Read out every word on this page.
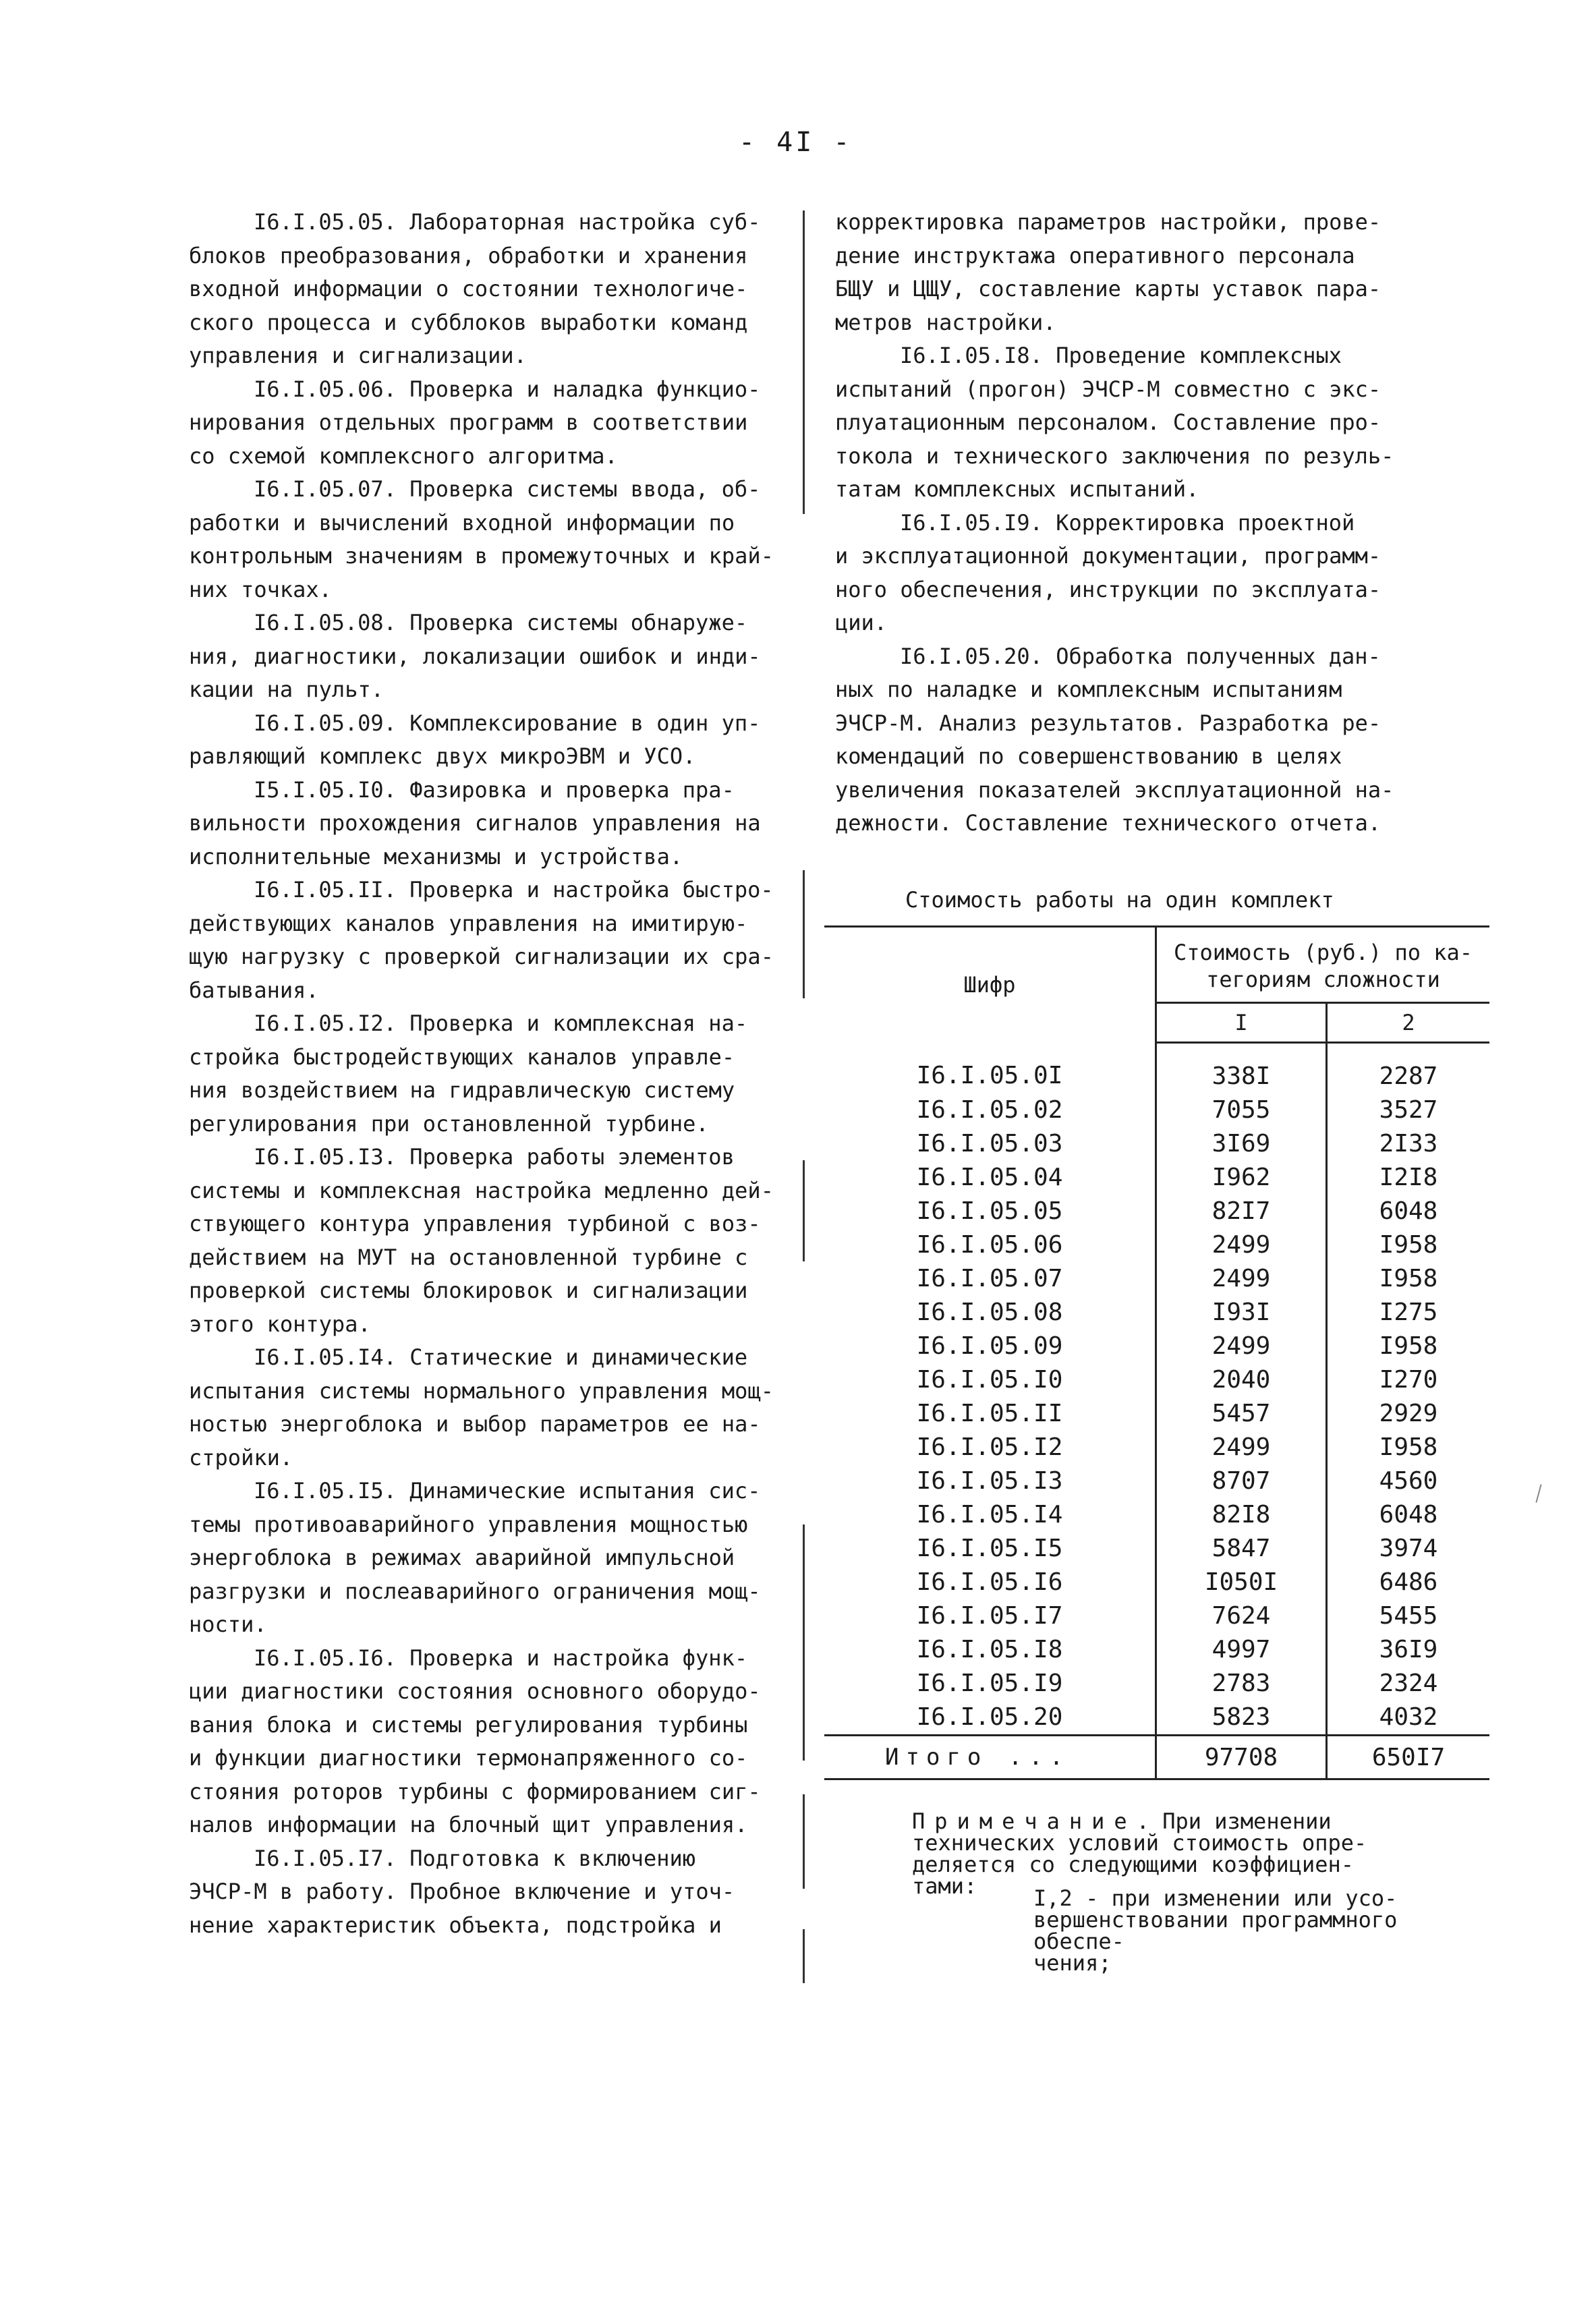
- 4I -

I6.I.05.05. Лабораторная настройка суб-
блоков преобразования, обработки и хранения
входной информации о состоянии технологиче-
ского процесса и субблоков выработки команд
управления и сигнализации.

I6.I.05.06. Проверка и наладка функцио-
нирования отдельных программ в соответствии
со схемой комплексного алгоритма.

I6.I.05.07. Проверка системы ввода, об-
работки и вычислений входной информации по
контрольным значениям в промежуточных и край-
них точках.

I6.I.05.08. Проверка системы обнаруже-
ния, диагностики, локализации ошибок и инди-
кации на пульт.

I6.I.05.09. Комплексирование в один уп-
равляющий комплекс двух микроЭВМ и УСО.

I5.I.05.I0. Фазировка и проверка пра-
вильности прохождения сигналов управления на
исполнительные механизмы и устройства.

I6.I.05.II. Проверка и настройка быстро-
действующих каналов управления на имитирую-
щую нагрузку с проверкой сигнализации их сра-
батывания.

I6.I.05.I2. Проверка и комплексная на-
стройка быстродействующих каналов управле-
ния воздействием на гидравлическую систему
регулирования при остановленной турбине.

I6.I.05.I3. Проверка работы элементов
системы и комплексная настройка медленно дей-
ствующего контура управления турбиной с воз-
действием на МУТ на остановленной турбине с
проверкой системы блокировок и сигнализации
этого контура.

I6.I.05.I4. Статические и динамические
испытания системы нормального управления мощ-
ностью энергоблока и выбор параметров ее на-
стройки.

I6.I.05.I5. Динамические испытания сис-
темы противоаварийного управления мощностью
энергоблока в режимах аварийной импульсной
разгрузки и послеаварийного ограничения мощ-
ности.

I6.I.05.I6. Проверка и настройка функ-
ции диагностики состояния основного оборудо-
вания блока и системы регулирования турбины
и функции диагностики термонапряженного со-
стояния роторов турбины с формированием сиг-
налов информации на блочный щит управления.

I6.I.05.I7. Подготовка к включению
ЭЧСР-М в работу. Пробное включение и уточ-
нение характеристик объекта, подстройка и

корректировка параметров настройки, прове-
дение инструктажа оперативного персонала
БЩУ и ЦЩУ, составление карты уставок пара-
метров настройки.

I6.I.05.I8. Проведение комплексных
испытаний (прогон) ЭЧСР-М совместно с экс-
плуатационным персоналом. Составление про-
токола и технического заключения по резуль-
татам комплексных испытаний.

I6.I.05.I9. Корректировка проектной
и эксплуатационной документации, программ-
ного обеспечения, инструкции по эксплуата-
ции.

I6.I.05.20. Обработка полученных дан-
ных по наладке и комплексным испытаниям
ЭЧСР-М. Анализ результатов. Разработка ре-
комендаций по совершенствованию в целях
увеличения показателей эксплуатационной на-
дежности. Составление технического отчета.

Стоимость работы на один комплект
Шифр	Стоимость (руб.) по ка-
тегориям сложности	
	I	2
I6.I.05.0I	338I	2287
I6.I.05.02	7055	3527
I6.I.05.03	3I69	2I33
I6.I.05.04	I962	I2I8
I6.I.05.05	82I7	6048
I6.I.05.06	2499	I958
I6.I.05.07	2499	I958
I6.I.05.08	I93I	I275
I6.I.05.09	2499	I958
I6.I.05.I0	2040	I270
I6.I.05.II	5457	2929
I6.I.05.I2	2499	I958
I6.I.05.I3	8707	4560
I6.I.05.I4	82I8	6048
I6.I.05.I5	5847	3974
I6.I.05.I6	I050I	6486
I6.I.05.I7	7624	5455
I6.I.05.I8	4997	36I9
I6.I.05.I9	2783	2324
I6.I.05.20	5823	4032
Итого ...	97708	650I7
Примечание. При изменении
технических условий стоимость опре-
деляется со следующими коэффициен-
тами:	I,2 - при изменении или усо-
вершенствовании программного обеспе-
чения;
